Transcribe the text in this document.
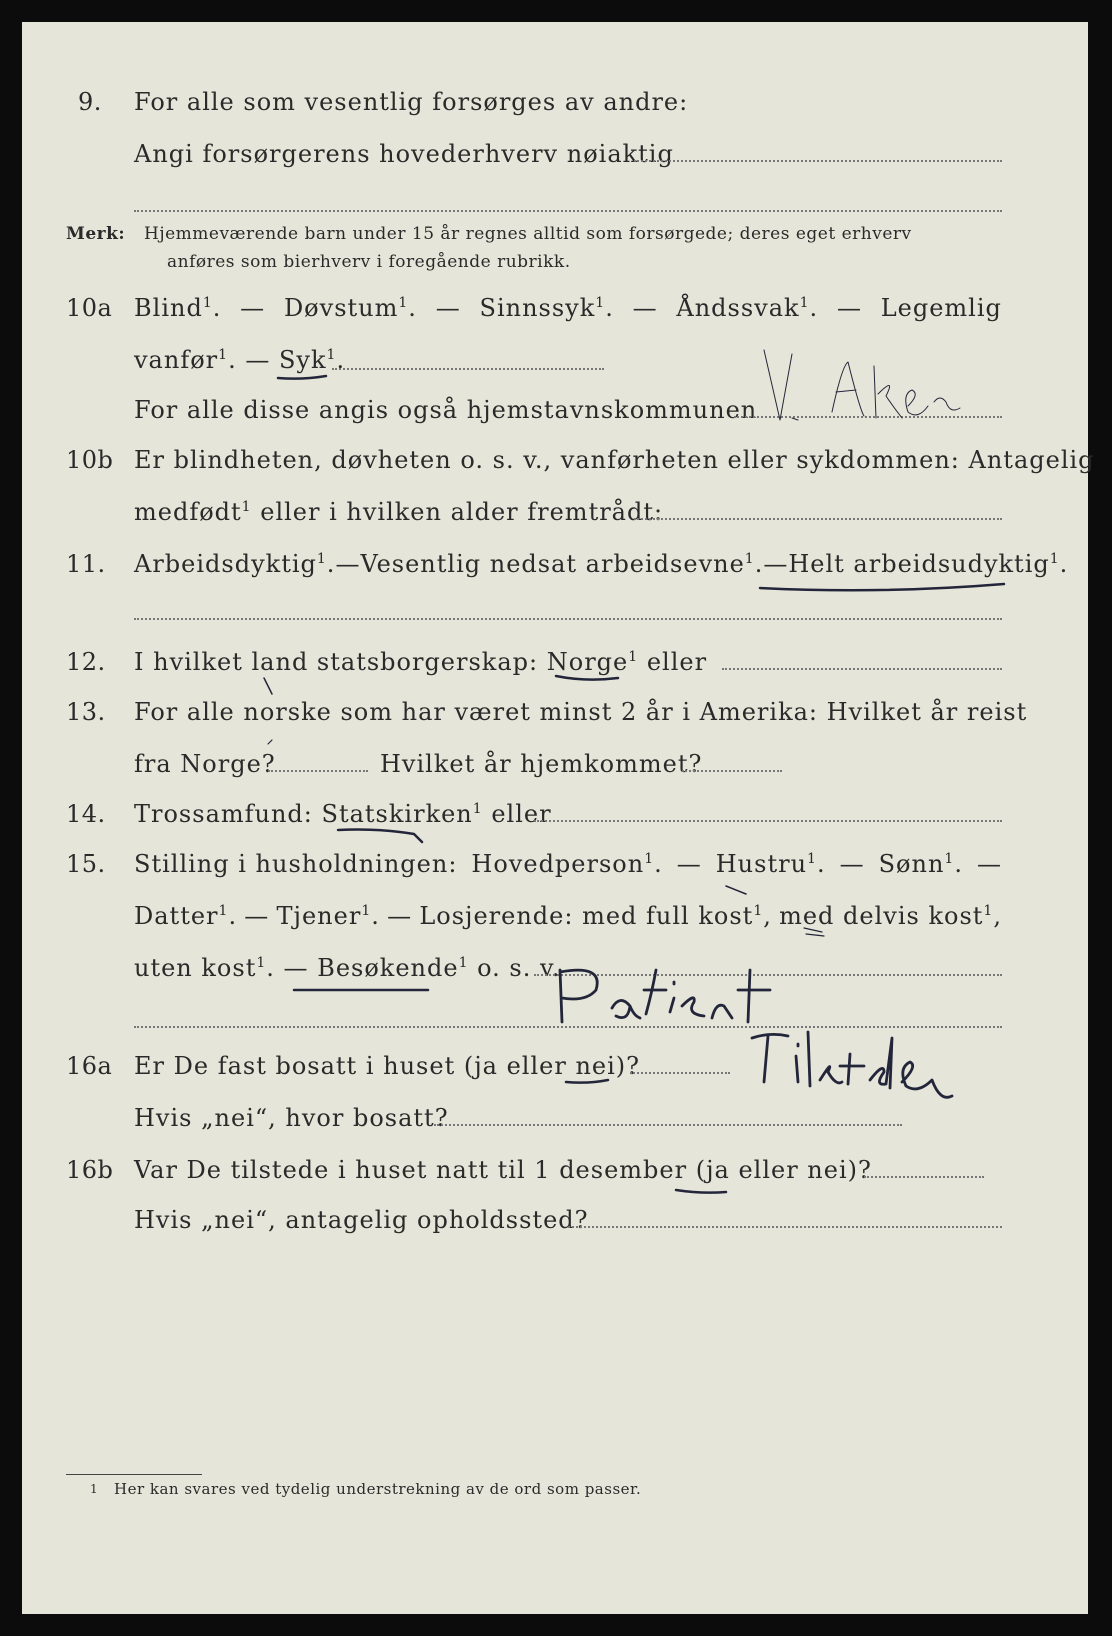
9. For alle som vesentlig forsørges av andre:
Angi forsørgerens hovederhverv nøiaktig
Merk: Hjemmeværende barn under 15 år regnes alltid som forsørgede; deres eget erhverv
anføres som bierhverv i foregående rubrikk.
10a Blind$^1$. — Døvstum$^1$. — Sinnssyk$^1$. — Åndssvak$^1$. — Legemlig
vanfør$^1$. — Syk$^1$.
For alle disse angis også hjemstavnskommunen
10b Er blindheten, døvheten o. s. v., vanførheten eller sykdommen: Antagelig
medfødt$^1$ eller i hvilken alder fremtrådt:
11. Arbeidsdyktig$^1$. — Vesentlig nedsat arbeidsevne$^1$. — Helt arbeidsudyktig$^1$.
12. I hvilket land statsborgerskap: Norge$^1$ eller
13. For alle norske som har været minst 2 år i Amerika: Hvilket år reist
fra Norge?	Hvilket år hjemkommet?
14. Trossamfund: Statskirken$^1$ eller
15. Stilling i husholdningen: Hovedperson$^1$. — Hustru$^1$. — Sønn$^1$. —
Datter$^1$. — Tjener$^1$. — Losjerende: med full kost$^1$, med delvis kost$^1$,
uten kost$^1$. — Besøkende$^1$ o. s. v.
16a Er De fast bosatt i huset (ja eller nei)?
Hvis „nei“, hvor bosatt?
16b Var De tilstede i huset natt til 1 desember (ja eller nei)?
Hvis „nei“, antagelig opholdssted?
1 Her kan svares ved tydelig understrekning av de ord som passer.
